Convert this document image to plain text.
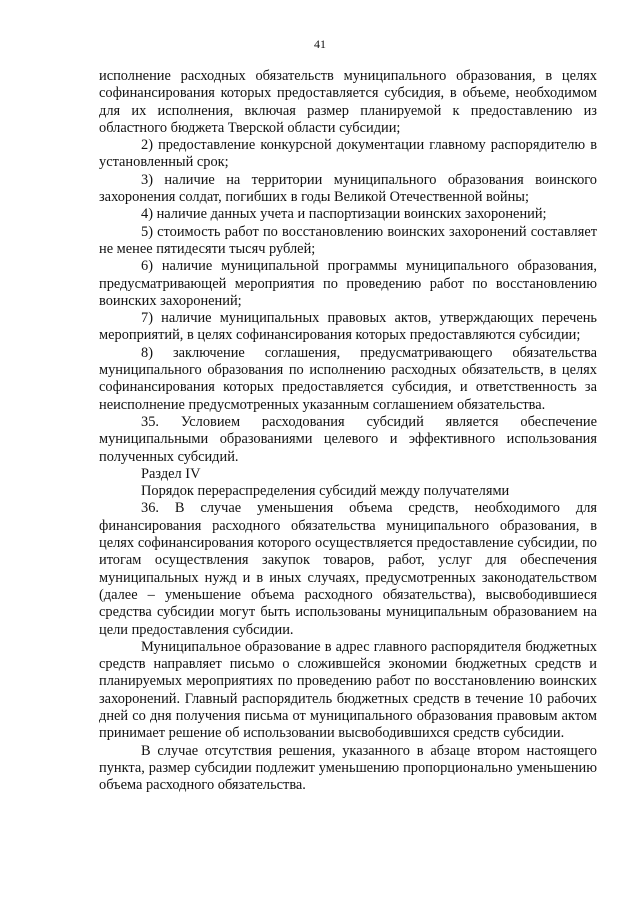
41

исполнение расходных обязательств муниципального образования, в целях софинансирования которых предоставляется субсидия, в объеме, необходимом для их исполнения, включая размер планируемой к предоставлению из областного бюджета Тверской области субсидии;

2) предоставление конкурсной документации главному распорядителю в установленный срок;

3) наличие на территории муниципального образования воинского захоронения солдат, погибших в годы Великой Отечественной войны;

4) наличие данных учета и паспортизации воинских захоронений;

5) стоимость работ по восстановлению воинских захоронений составляет не менее пятидесяти тысяч рублей;

6) наличие муниципальной программы муниципального образования, предусматривающей мероприятия по проведению работ по восстановлению воинских захоронений;

7) наличие муниципальных правовых актов, утверждающих перечень мероприятий, в целях софинансирования которых предоставляются субсидии;

8) заключение соглашения, предусматривающего обязательства муниципального образования по исполнению расходных обязательств, в целях софинансирования которых предоставляется субсидия, и ответственность за неисполнение предусмотренных указанным соглашением обязательства.

35. Условием расходования субсидий является обеспечение муниципальными образованиями целевого и эффективного использования полученных субсидий.

Раздел IV

Порядок перераспределения субсидий между получателями

36. В случае уменьшения объема средств, необходимого для финансирования расходного обязательства муниципального образования, в целях софинансирования которого осуществляется предоставление субсидии, по итогам осуществления закупок товаров, работ, услуг для обеспечения муниципальных нужд и в иных случаях, предусмотренных законодательством (далее – уменьшение объема расходного обязательства), высвободившиеся средства субсидии могут быть использованы муниципальным образованием на цели предоставления субсидии.

Муниципальное образование в адрес главного распорядителя бюджетных средств направляет письмо о сложившейся экономии бюджетных средств и планируемых мероприятиях по проведению работ по восстановлению воинских захоронений. Главный распорядитель бюджетных средств в течение 10 рабочих дней со дня получения письма от муниципального образования правовым актом принимает решение об использовании высвободившихся средств субсидии.

В случае отсутствия решения, указанного в абзаце втором настоящего пункта, размер субсидии подлежит уменьшению пропорционально уменьшению объема расходного обязательства.
